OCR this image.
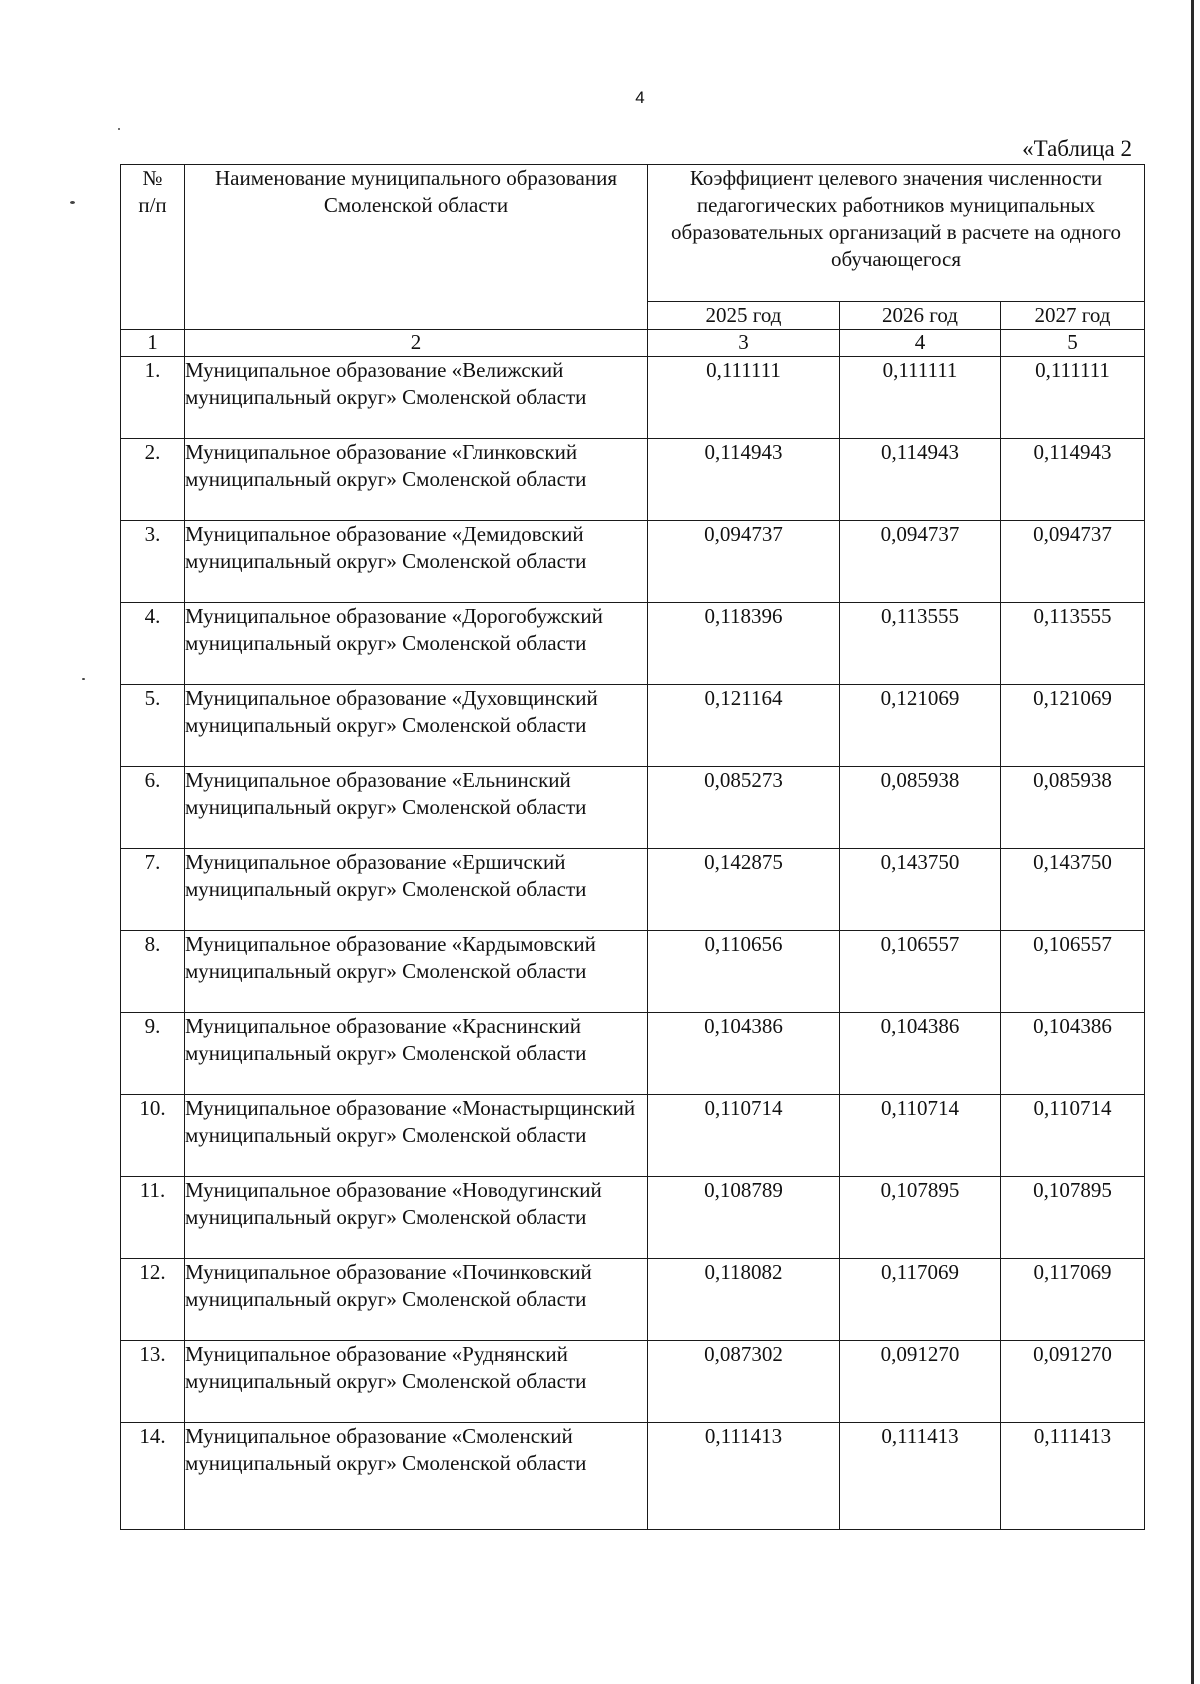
4
«Таблица 2
№
п/п	Наименование муниципального образования Смоленской области	Коэффициент целевого значения численности педагогических работников муниципальных образовательных организаций в расчете на одного обучающегося		
		2025 год	2026 год	2027 год
1	2	3	4	5
1.	Муниципальное образование «Велижский муниципальный округ» Смоленской области	0,111111	0,111111	0,111111
2.	Муниципальное образование «Глинковский муниципальный округ» Смоленской области	0,114943	0,114943	0,114943
3.	Муниципальное образование «Демидовский муниципальный округ» Смоленской области	0,094737	0,094737	0,094737
4.	Муниципальное образование «Дорогобужский муниципальный округ» Смоленской области	0,118396	0,113555	0,113555
5.	Муниципальное образование «Духовщинский муниципальный округ» Смоленской области	0,121164	0,121069	0,121069
6.	Муниципальное образование «Ельнинский муниципальный округ» Смоленской области	0,085273	0,085938	0,085938
7.	Муниципальное образование «Ершичский муниципальный округ» Смоленской области	0,142875	0,143750	0,143750
8.	Муниципальное образование «Кардымовский муниципальный округ» Смоленской области	0,110656	0,106557	0,106557
9.	Муниципальное образование «Краснинский муниципальный округ» Смоленской области	0,104386	0,104386	0,104386
10.	Муниципальное образование «Монастырщинский муниципальный округ» Смоленской области	0,110714	0,110714	0,110714
11.	Муниципальное образование «Новодугинский муниципальный округ» Смоленской области	0,108789	0,107895	0,107895
12.	Муниципальное образование «Починковский муниципальный округ» Смоленской области	0,118082	0,117069	0,117069
13.	Муниципальное образование «Руднянский муниципальный округ» Смоленской области	0,087302	0,091270	0,091270
14.	Муниципальное образование «Смоленский муниципальный округ» Смоленской области	0,111413	0,111413	0,111413
